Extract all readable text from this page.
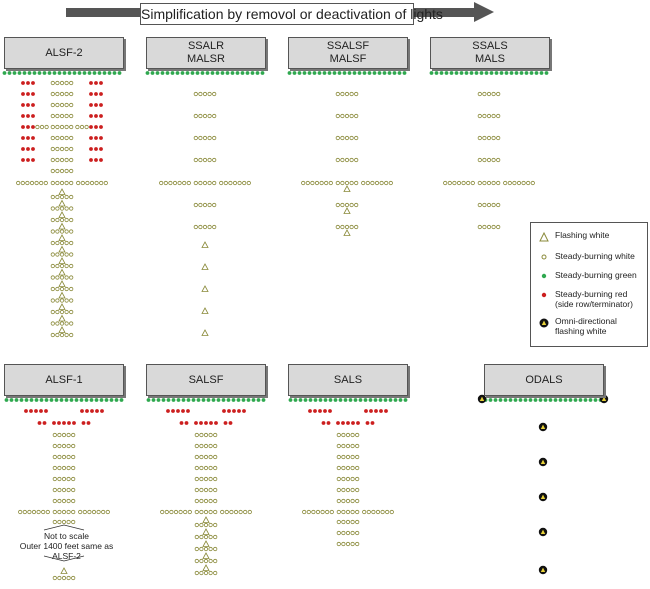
Simplification by removol or deactivation of lights
ALSF-2
SSALR
MALSR
SSALSF
MALSF
SSALS
MALS
ALSF-1	SALSF	SALS	ODALS
Flashing white
Steady-burning white
Steady-burning green
Steady-burning red (side row/terminator)
Omni-directional flashing white
Not to scale
Outer 1400 feet same as ALSF-2
